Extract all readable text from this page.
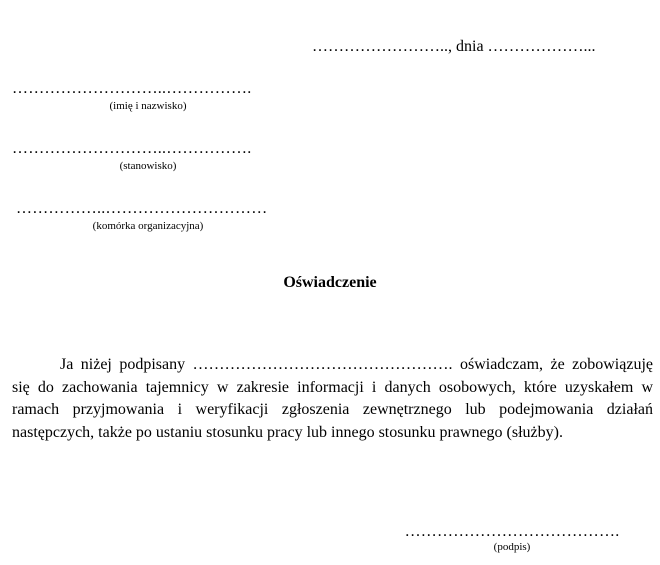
…………………….., dnia ………………...
………………………..…………….
(imię i nazwisko)
………………………..…………….
(stanowisko)
……………..…………………………
(komórka organizacyjna)
Oświadczenie

Ja niżej podpisany …………………………………………. oświadczam, że zobowiązuję się do zachowania tajemnicy w zakresie informacji i danych osobowych, które uzyskałem w ramach przyjmowania i weryfikacji zgłoszenia zewnętrznego lub podejmowania działań następczych, także po ustaniu stosunku pracy lub innego stosunku prawnego (służby).

………………………………….
(podpis)
